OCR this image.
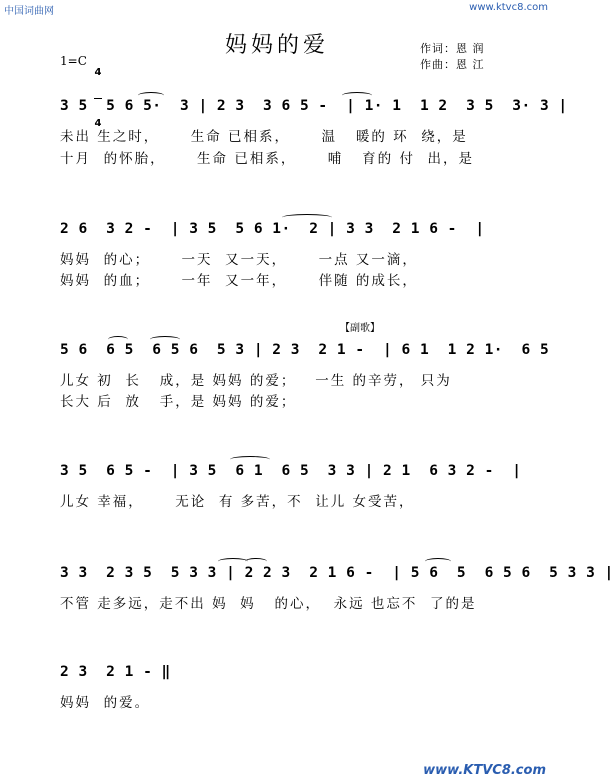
中国词曲网	www.ktvc8.com
妈妈的爱	作词：恩 润
作曲：恩 江
1=C

4

4

3 5  5 6 5·  3 | 2 3  3 6 5 -  | 1· 1  1 2  3 5  3· 3 |
未出 生之时，     生命 已相系，     温   暖的 环  绕，是
十月  的怀胎，     生命 已相系，     哺   育的 付  出，是
2 6  3 2 -  | 3 5  5 6 1·  2 | 3 3  2 1 6 -  |
妈妈  的心；     一天  又一天，     一点 又一滴，
妈妈  的血；     一年  又一年，     伴随 的成长，
【副歌】
5 6  6 5  6 5 6  5 3 | 2 3  2 1 -  | 6 1  1 2 1·  6 5
儿女 初  长   成，是 妈妈 的爱；   一生 的辛劳， 只为
长大 后  放   手，是 妈妈 的爱；
3 5  6 5 -  | 3 5  6 1  6 5  3 3 | 2 1  6 3 2 -  |
儿女 幸福，     无论  有 多苦，不  让儿 女受苦，
3 3  2 3 5  5 3 3 | 2 2 3  2 1 6 -  | 5 6  5  6 5 6  5 3 3 |
不管 走多远，走不出 妈  妈   的心，  永远 也忘不  了的是
2 3  2 1 - ‖
妈妈  的爱。
www.KTVC8.com
